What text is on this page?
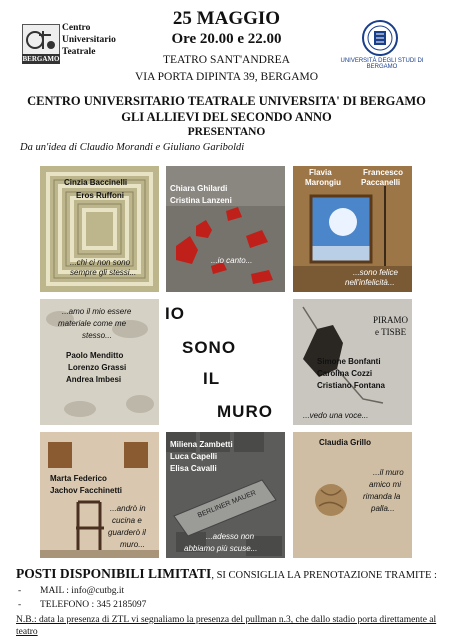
Centro
Universitario
Teatrale
BERGAMO
25 MAGGIO
Ore 20.00 e 22.00
TEATRO SANT'ANDREA
VIA PORTA DIPINTA 39, BERGAMO
UNIVERSITÀ DEGLI STUDI DI BERGAMO
CENTRO UNIVERSITARIO TEATRALE UNIVERSITA' DI BERGAMO
GLI ALLIEVI DEL SECONDO ANNO
PRESENTANO
Da un'idea di Claudio Morandi e Giuliano Gariboldi
Cinzia Baccinelli
Eros Ruffoni
...chi ci non sono
sempre gli stessi...
Chiara Ghilardi
Cristina Lanzeni
...io canto...
Flavia
Marongiu
Francesco
Paccanelli
...sono felice
nell'infelicità...
...amo il mio essere
materiale come me
stesso...
Paolo Menditto
Lorenzo Grassi
Andrea Imbesi
IO
SONO
IL
MURO
PIRAMO
e TISBE
Simone Bonfanti
Carolina Cozzi
Cristiano Fontana
...vedo una voce...
Marta Federico
Jachov Facchinetti
...andrò in
cucina e
guarderò il
muro...
Miliena Zambetti
Luca Capelli
Elisa Cavalli
BERLINER MAUER
...adesso non
abbiamo più scuse...
Claudia Grillo
...il muro
amico mi
rimanda la
palla...
POSTI DISPONIBILI LIMITATI, SI CONSIGLIA LA PRENOTAZIONE TRAMITE :
- MAIL : info@cutbg.it
- TELEFONO : 345 2185097
N.B.: data la presenza di ZTL vi segnaliamo la presenza del pullman n.3, che dallo stadio porta direttamente al teatro
